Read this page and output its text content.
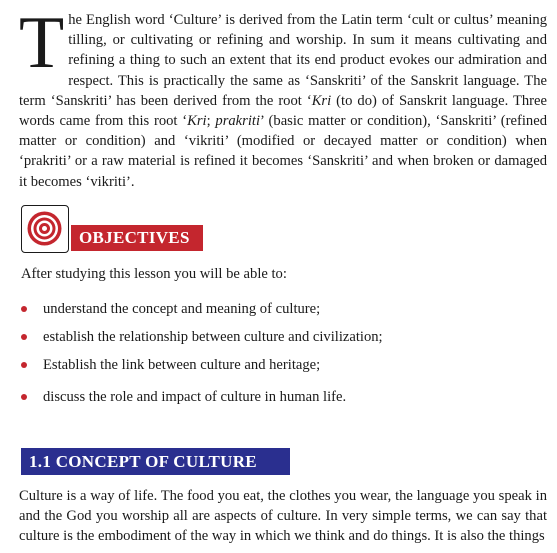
T he English word ‘Culture’ is derived from the Latin term ‘cult or cultus’ meaning tilling, or cultivating or refining and worship. In sum it means cultivating and refining a thing to such an extent that its end product evokes our admiration and respect. This is practically the same as ‘Sanskriti’ of the Sanskrit language. The term ‘Sanskriti’ has been derived from the root ‘Kri (to do) of Sanskrit language. Three words came from this root ‘Kri; prakriti’ (basic matter or condition), ‘Sanskriti’ (refined matter or condition) and ‘vikriti’ (modified or decayed matter or condition) when ‘prakriti’ or a raw material is refined it becomes ‘Sanskriti’ and when broken or damaged it becomes ‘vikriti’.

OBJECTIVES
After studying this lesson you will be able to:
understand the concept and meaning of culture;
establish the relationship between culture and civilization;
Establish the link between culture and heritage;
discuss the role and impact of culture in human life.
1.1 CONCEPT OF CULTURE

Culture is a way of life. The food you eat, the clothes you wear, the language you speak in and the God you worship all are aspects of culture. In very simple terms, we can say that culture is the embodiment of the way in which we think and do things. It is also the things
